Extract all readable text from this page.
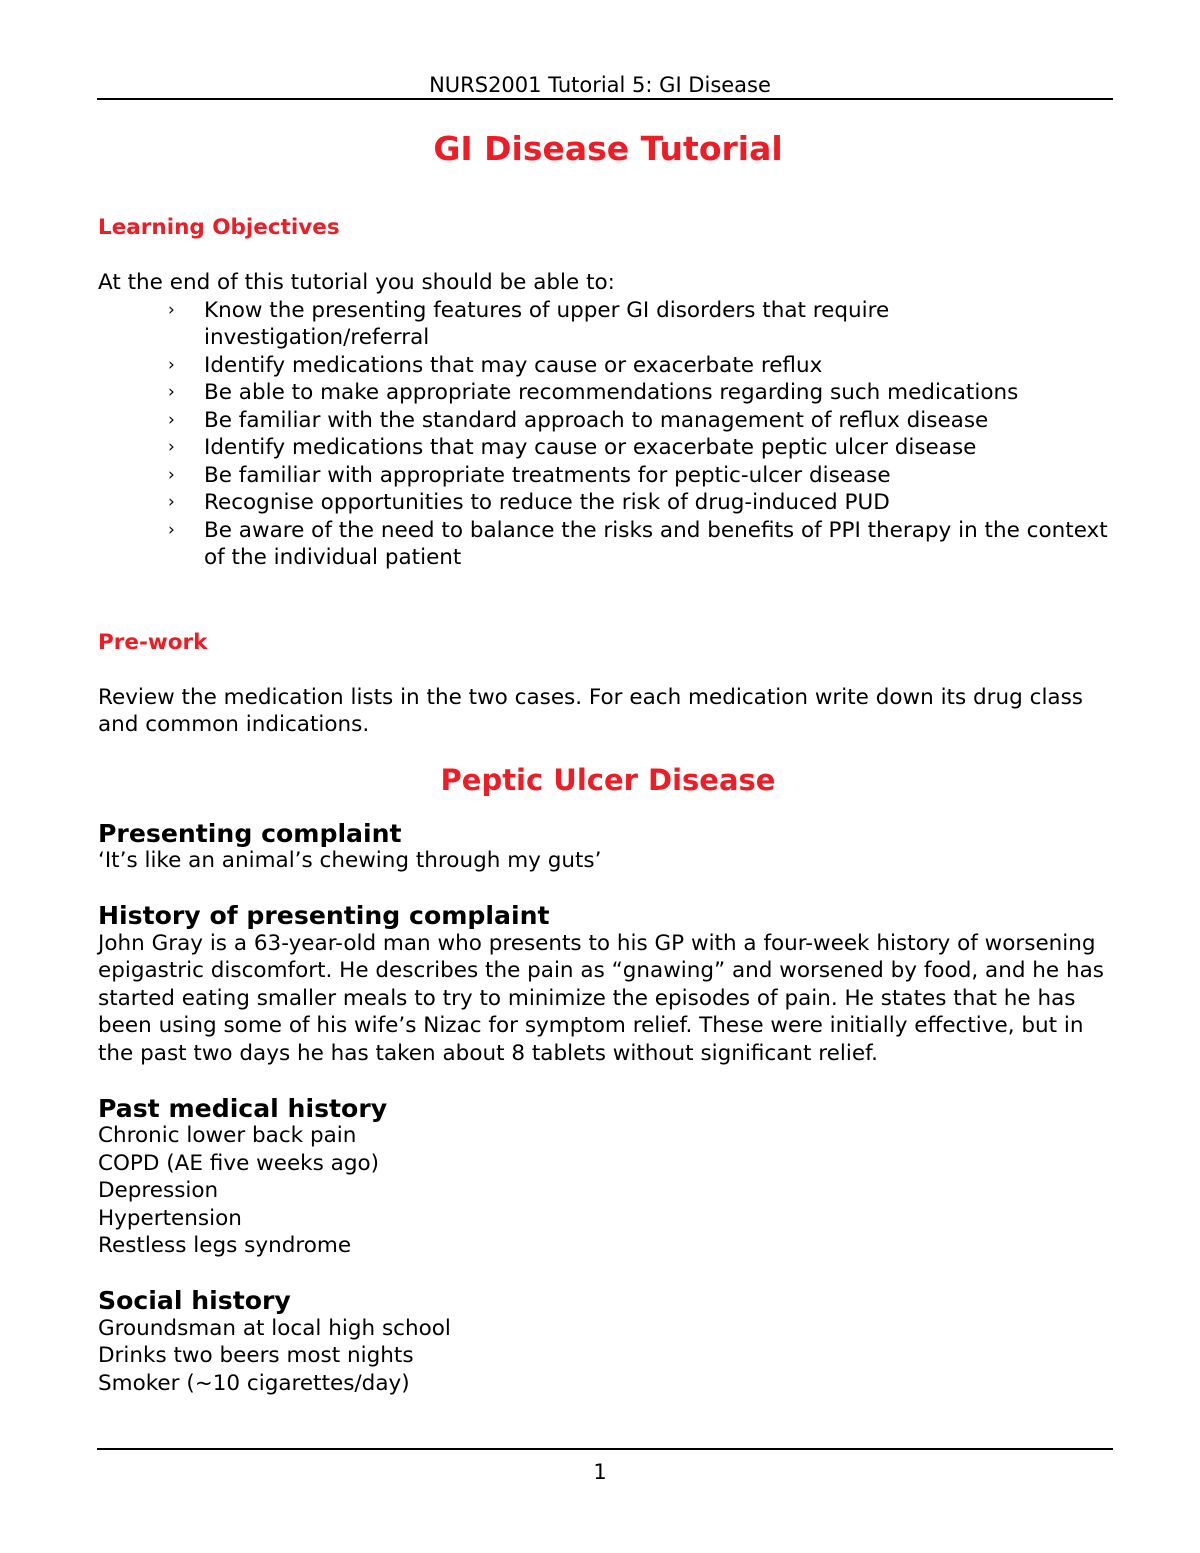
NURS2001 Tutorial 5: GI Disease
GI Disease Tutorial
Learning Objectives

At the end of this tutorial you should be able to:

› Know the presenting features of upper GI disorders that require investigation/referral
› Identify medications that may cause or exacerbate reflux
› Be able to make appropriate recommendations regarding such medications
› Be familiar with the standard approach to management of reflux disease
› Identify medications that may cause or exacerbate peptic ulcer disease
› Be familiar with appropriate treatments for peptic-ulcer disease
› Recognise opportunities to reduce the risk of drug-induced PUD
› Be aware of the need to balance the risks and benefits of PPI therapy in the context of the individual patient
Pre-work

Review the medication lists in the two cases. For each medication write down its drug class and common indications.

Peptic Ulcer Disease
Presenting complaint

‘It’s like an animal’s chewing through my guts’

History of presenting complaint

John Gray is a 63-year-old man who presents to his GP with a four-week history of worsening epigastric discomfort. He describes the pain as “gnawing” and worsened by food, and he has started eating smaller meals to try to minimize the episodes of pain. He states that he has been using some of his wife’s Nizac for symptom relief. These were initially effective, but in the past two days he has taken about 8 tablets without significant relief.

Past medical history

Chronic lower back pain

COPD (AE five weeks ago)

Depression

Hypertension

Restless legs syndrome

Social history

Groundsman at local high school

Drinks two beers most nights

Smoker (~10 cigarettes/day)

1
